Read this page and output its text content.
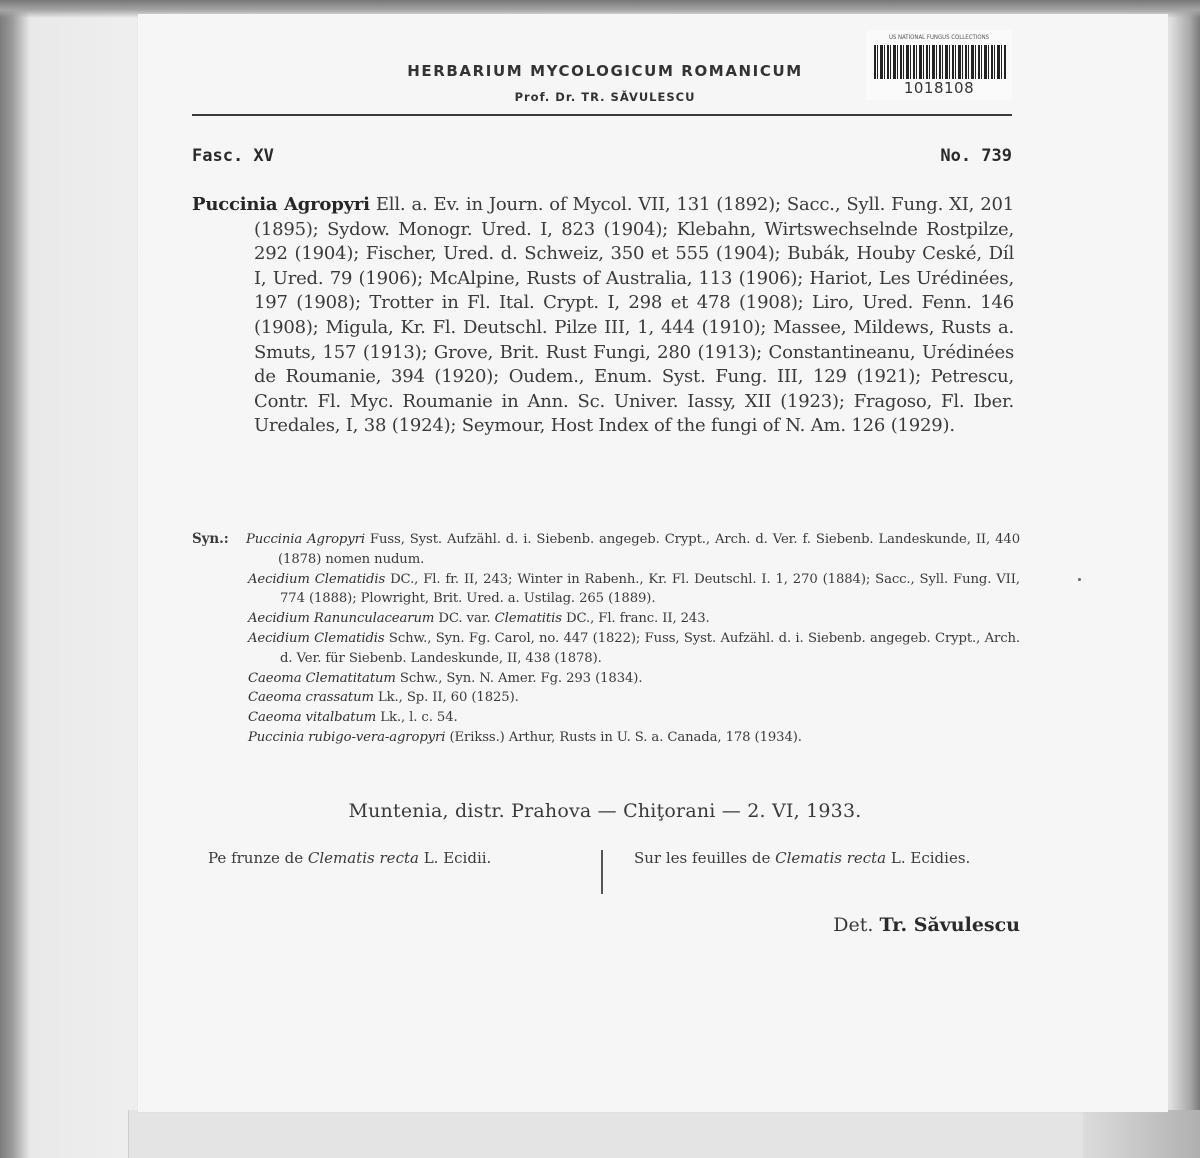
HERBARIUM MYCOLOGICUM ROMANICUM
Prof. Dr. TR. SĂVULESCU
US NATIONAL FUNGUS COLLECTIONS
1018108
Fasc. XV	No. 739
Puccinia Agropyri Ell. a. Ev. in Journ. of Mycol. VII, 131 (1892); Sacc., Syll. Fung. XI, 201 (1895); Sydow. Monogr. Ured. I, 823 (1904); Klebahn, Wirtswechselnde Rostpilze, 292 (1904); Fischer, Ured. d. Schweiz, 350 et 555 (1904); Bubák, Houby Ceské, Díl I, Ured. 79 (1906); McAlpine, Rusts of Australia, 113 (1906); Hariot, Les Urédinées, 197 (1908); Trotter in Fl. Ital. Crypt. I, 298 et 478 (1908); Liro, Ured. Fenn. 146 (1908); Migula, Kr. Fl. Deutschl. Pilze III, 1, 444 (1910); Massee, Mildews, Rusts a. Smuts, 157 (1913); Grove, Brit. Rust Fungi, 280 (1913); Constantineanu, Urédinées de Roumanie, 394 (1920); Oudem., Enum. Syst. Fung. III, 129 (1921); Petrescu, Contr. Fl. Myc. Roumanie in Ann. Sc. Univer. Iassy, XII (1923); Fragoso, Fl. Iber. Uredales, I, 38 (1924); Seymour, Host Index of the fungi of N. Am. 126 (1929).
Syn.: Puccinia Agropyri Fuss, Syst. Aufzähl. d. i. Siebenb. angegeb. Crypt., Arch. d. Ver. f. Siebenb. Landeskunde, II, 440 (1878) nomen nudum.
Aecidium Clematidis DC., Fl. fr. II, 243; Winter in Rabenh., Kr. Fl. Deutschl. I. 1, 270 (1884); Sacc., Syll. Fung. VII, 774 (1888); Plowright, Brit. Ured. a. Ustilag. 265 (1889).
Aecidium Ranunculacearum DC. var. Clematitis DC., Fl. franc. II, 243.
Aecidium Clematidis Schw., Syn. Fg. Carol, no. 447 (1822); Fuss, Syst. Aufzähl. d. i. Siebenb. angegeb. Crypt., Arch. d. Ver. für Siebenb. Landeskunde, II, 438 (1878).
Caeoma Clematitatum Schw., Syn. N. Amer. Fg. 293 (1834).
Caeoma crassatum Lk., Sp. II, 60 (1825).
Caeoma vitalbatum Lk., l. c. 54.
Puccinia rubigo-vera-agropyri (Erikss.) Arthur, Rusts in U. S. a. Canada, 178 (1934).
Muntenia, distr. Prahova — Chiţorani — 2. VI, 1933.
Pe frunze de Clematis recta L. Ecidii.	Sur les feuilles de Clematis recta L. Ecidies.
Det. Tr. Săvulescu
